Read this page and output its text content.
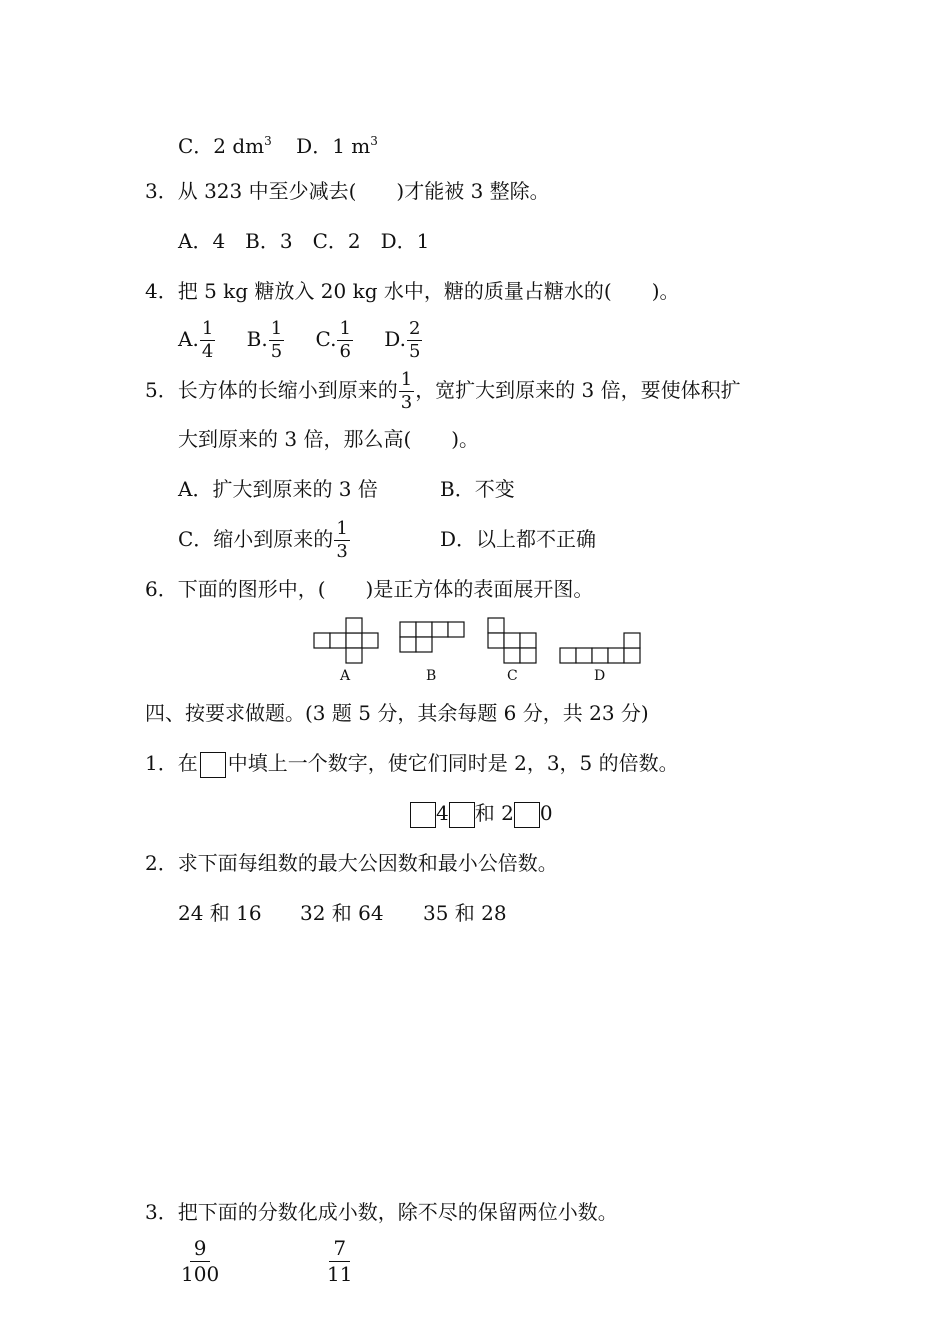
C．2 $dm^3$ D．1 $m^3$
3．从 323 中至少减去(　　)才能被 3 整除。
A．4　B．3　C．2　D．1
4．把 5 kg 糖放入 20 kg 水中，糖的质量占糖水的(　　)。
A. $\frac{1}{4} B$. $\frac{1}{5} C$. $\frac{1}{6} D$. $\frac{2}{5}$
5．长方体的长缩小到原来的 $\frac{1}{3}$ ，宽扩大到原来的 3 倍，要使体积扩
大到原来的 3 倍，那么高(　　)。
A．扩大到原来的 3 倍	B．不变
C．缩小到原来的 $\frac{1}{3}$	D．以上都不正确
6．下面的图形中，(　　)是正方体的表面展开图。
A	B	C	D
四、按要求做题。(3 题 5 分，其余每题 6 分，共 23 分)
1．在 中填上一个数字，使它们同时是 2，3，5 的倍数。
4 和 2 0
2．求下面每组数的最大公因数和最小公倍数。
24 和 16 32 和 64 35 和 28
3．把下面的分数化成小数，除不尽的保留两位小数。
$\frac{9}{100}$	$\frac{7}{11}$
